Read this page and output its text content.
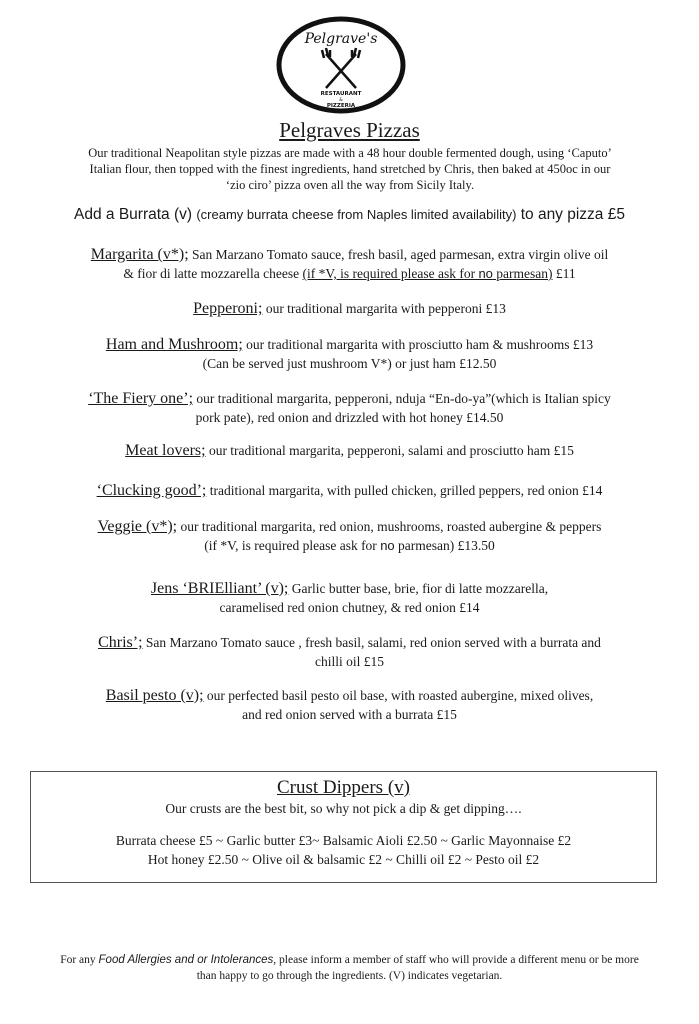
Pelgrave's
RESTAURANT
&
PIZZERIA
Pelgraves Pizzas
Our traditional Neapolitan style pizzas are made with a 48 hour double fermented dough, using ‘Caputo’ Italian flour, then topped with the finest ingredients, hand stretched by Chris, then baked at 450oc in our ‘zio ciro’ pizza oven all the way from Sicily Italy.
Add a Burrata (v) (creamy burrata cheese from Naples limited availability) to any pizza £5
Margarita (v*); San Marzano Tomato sauce, fresh basil, aged parmesan, extra virgin olive oil
& fior di latte mozzarella cheese (if *V, is required please ask for no parmesan) £11
Pepperoni; our traditional margarita with pepperoni £13
Ham and Mushroom; our traditional margarita with prosciutto ham & mushrooms £13
(Can be served just mushroom V*) or just ham £12.50
‘The Fiery one’; our traditional margarita, pepperoni, nduja “En-do-ya”(which is Italian spicy
pork pate), red onion and drizzled with hot honey £14.50
Meat lovers; our traditional margarita, pepperoni, salami and prosciutto ham £15
‘Clucking good’; traditional margarita, with pulled chicken, grilled peppers, red onion £14
Veggie (v*); our traditional margarita, red onion, mushrooms, roasted aubergine & peppers
(if *V, is required please ask for no parmesan) £13.50
Jens ‘BRIElliant’ (v); Garlic butter base, brie, fior di latte mozzarella,
caramelised red onion chutney, & red onion £14
Chris’; San Marzano Tomato sauce , fresh basil, salami, red onion served with a burrata and
chilli oil £15
Basil pesto (v); our perfected basil pesto oil base, with roasted aubergine, mixed olives,
and red onion served with a burrata £15
Crust Dippers (v)
Our crusts are the best bit, so why not pick a dip & get dipping….
Burrata cheese £5 ~ Garlic butter £3~ Balsamic Aioli £2.50 ~ Garlic Mayonnaise £2
Hot honey £2.50 ~ Olive oil & balsamic £2 ~ Chilli oil £2 ~ Pesto oil £2
For any Food Allergies and or Intolerances, please inform a member of staff who will provide a different menu or be more than happy to go through the ingredients. (V) indicates vegetarian.
